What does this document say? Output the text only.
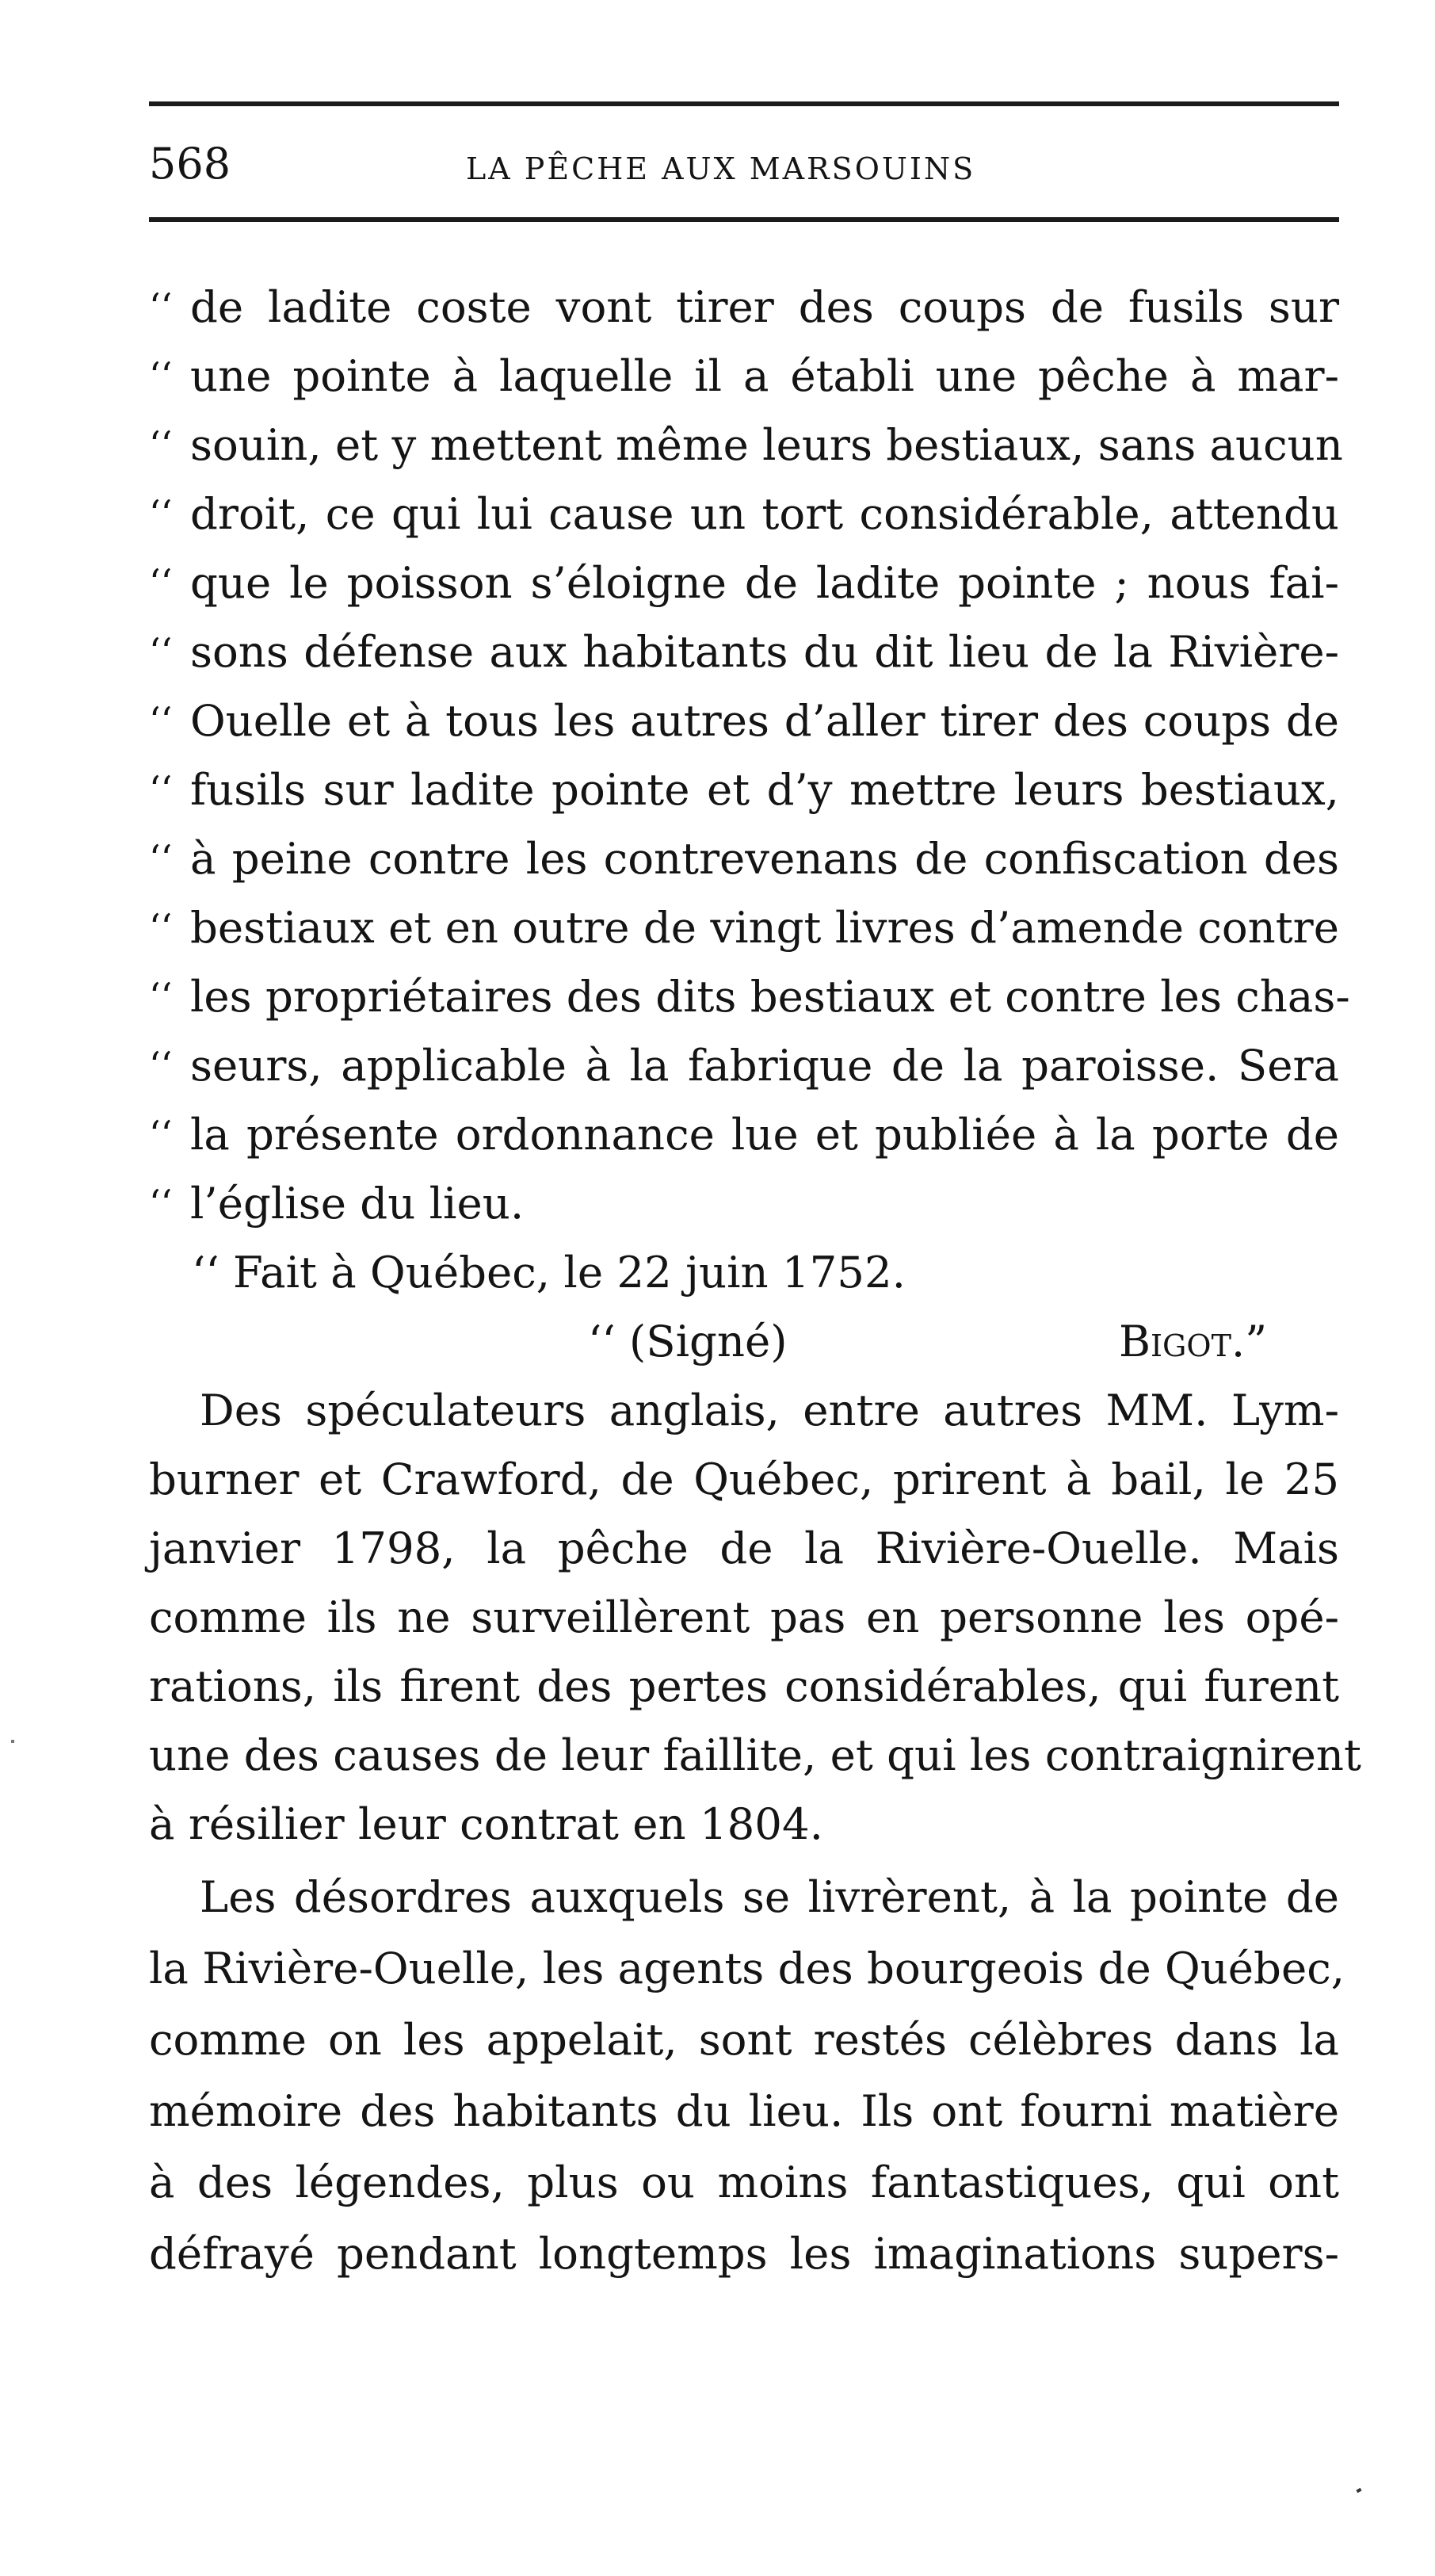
568	LA PÊCHE AUX MARSOUINS
‘‘ de ladite coste vont tirer des coups de fusils sur
‘‘ une pointe à laquelle il a établi une pêche à mar-
‘‘ souin, et y mettent même leurs bestiaux, sans aucun
‘‘ droit, ce qui lui cause un tort considérable, attendu
‘‘ que le poisson s’éloigne de ladite pointe ; nous fai-
‘‘ sons défense aux habitants du dit lieu de la Rivière-
‘‘ Ouelle et à tous les autres d’aller tirer des coups de
‘‘ fusils sur ladite pointe et d’y mettre leurs bestiaux,
‘‘ à peine contre les contrevenans de confiscation des
‘‘ bestiaux et en outre de vingt livres d’amende contre
‘‘ les propriétaires des dits bestiaux et contre les chas-
‘‘ seurs, applicable à la fabrique de la paroisse. Sera
‘‘ la présente ordonnance lue et publiée à la porte de
‘‘ l’église du lieu.
‘‘ Fait à Québec, le 22 juin 1752.
‘‘ (Signé)	Bigot.”
Des spéculateurs anglais, entre autres MM. Lym-
burner et Crawford, de Québec, prirent à bail, le 25
janvier 1798, la pêche de la Rivière-Ouelle. Mais
comme ils ne surveillèrent pas en personne les opé-
rations, ils firent des pertes considérables, qui furent
une des causes de leur faillite, et qui les contraignirent
à résilier leur contrat en 1804.
Les désordres auxquels se livrèrent, à la pointe de
la Rivière-Ouelle, les agents des bourgeois de Québec,
comme on les appelait, sont restés célèbres dans la
mémoire des habitants du lieu. Ils ont fourni matière
à des légendes, plus ou moins fantastiques, qui ont
défrayé pendant longtemps les imaginations supers-
